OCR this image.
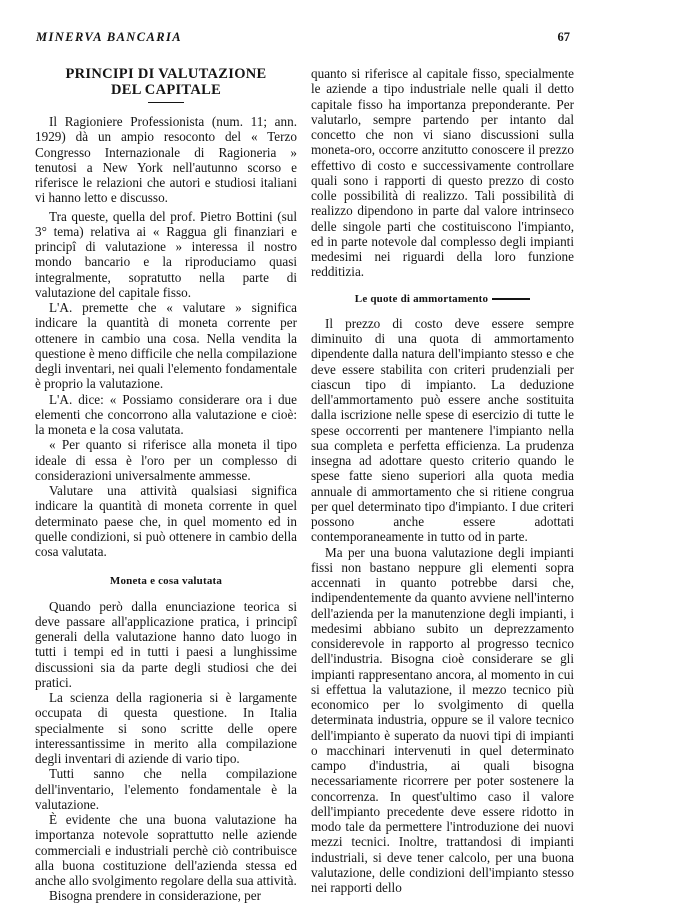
MINERVA BANCARIA	67
PRINCIPI DI VALUTAZIONE
DEL CAPITALE

Il Ragioniere Professionista (num. 11; ann. 1929) dà un ampio resoconto del « Terzo Congresso Internazionale di Ragioneria » tenutosi a New York nell'autunno scorso e riferisce le relazioni che autori e studiosi italiani vi hanno letto e discusso.

Tra queste, quella del prof. Pietro Bottini (sul 3° tema) relativa ai « Raggua gli finanziari e principî di valutazione » interessa il nostro mondo bancario e la riproduciamo quasi integralmente, sopratutto nella parte di valutazione del capitale fisso.

L'A. premette che « valutare » significa indicare la quantità di moneta corrente per ottenere in cambio una cosa. Nella vendita la questione è meno difficile che nella compilazione degli inventari, nei quali l'elemento fondamentale è proprio la valutazione.

L'A. dice: « Possiamo considerare ora i due elementi che concorrono alla valutazione e cioè: la moneta e la cosa valutata.

« Per quanto si riferisce alla moneta il tipo ideale di essa è l'oro per un complesso di considerazioni universalmente ammesse.

Valutare una attività qualsiasi significa indicare la quantità di moneta corrente in quel determinato paese che, in quel momento ed in quelle condizioni, si può ottenere in cambio della cosa valutata.

Moneta e cosa valutata

Quando però dalla enunciazione teorica si deve passare all'applicazione pratica, i principî generali della valutazione hanno dato luogo in tutti i tempi ed in tutti i paesi a lunghissime discussioni sia da parte degli studiosi che dei pratici.

La scienza della ragioneria si è largamente occupata di questa questione. In Italia specialmente si sono scritte delle opere interessantissime in merito alla compilazione degli inventari di aziende di vario tipo.

Tutti sanno che nella compilazione dell'inventario, l'elemento fondamentale è la valutazione.

È evidente che una buona valutazione ha importanza notevole soprattutto nelle aziende commerciali e industriali perchè ciò contribuisce alla buona costituzione dell'azienda stessa ed anche allo svolgimento regolare della sua attività.

Bisogna prendere in considerazione, per

quanto si riferisce al capitale fisso, specialmente le aziende a tipo industriale nelle quali il detto capitale fisso ha importanza preponderante. Per valutarlo, sempre partendo per intanto dal concetto che non vi siano discussioni sulla moneta-oro, occorre anzitutto conoscere il prezzo effettivo di costo e successivamente controllare quali sono i rapporti di questo prezzo di costo colle possibilità di realizzo. Tali possibilità di realizzo dipendono in parte dal valore intrinseco delle singole parti che costituiscono l'impianto, ed in parte notevole dal complesso degli impianti medesimi nei riguardi della loro funzione redditizia.

Le quote di ammortamento

Il prezzo di costo deve essere sempre diminuito di una quota di ammortamento dipendente dalla natura dell'impianto stesso e che deve essere stabilita con criteri prudenziali per ciascun tipo di impianto. La deduzione dell'ammortamento può essere anche sostituita dalla iscrizione nelle spese di esercizio di tutte le spese occorrenti per mantenere l'impianto nella sua completa e perfetta efficienza. La prudenza insegna ad adottare questo criterio quando le spese fatte sieno superiori alla quota media annuale di ammortamento che si ritiene congrua per quel determinato tipo d'impianto. I due criteri possono anche essere adottati contemporaneamente in tutto od in parte.

Ma per una buona valutazione degli impianti fissi non bastano neppure gli elementi sopra accennati in quanto potrebbe darsi che, indipendentemente da quanto avviene nell'interno dell'azienda per la manutenzione degli impianti, i medesimi abbiano subito un deprezzamento considerevole in rapporto al progresso tecnico dell'industria. Bisogna cioè considerare se gli impianti rappresentano ancora, al momento in cui si effettua la valutazione, il mezzo tecnico più economico per lo svolgimento di quella determinata industria, oppure se il valore tecnico dell'impianto è superato da nuovi tipi di impianti o macchinari intervenuti in quel determinato campo d'industria, ai quali bisogna necessariamente ricorrere per poter sostenere la concorrenza. In quest'ultimo caso il valore dell'impianto precedente deve essere ridotto in modo tale da permettere l'introduzione dei nuovi mezzi tecnici. Inoltre, trattandosi di impianti industriali, si deve tener calcolo, per una buona valutazione, delle condizioni dell'impianto stesso nei rapporti dello
